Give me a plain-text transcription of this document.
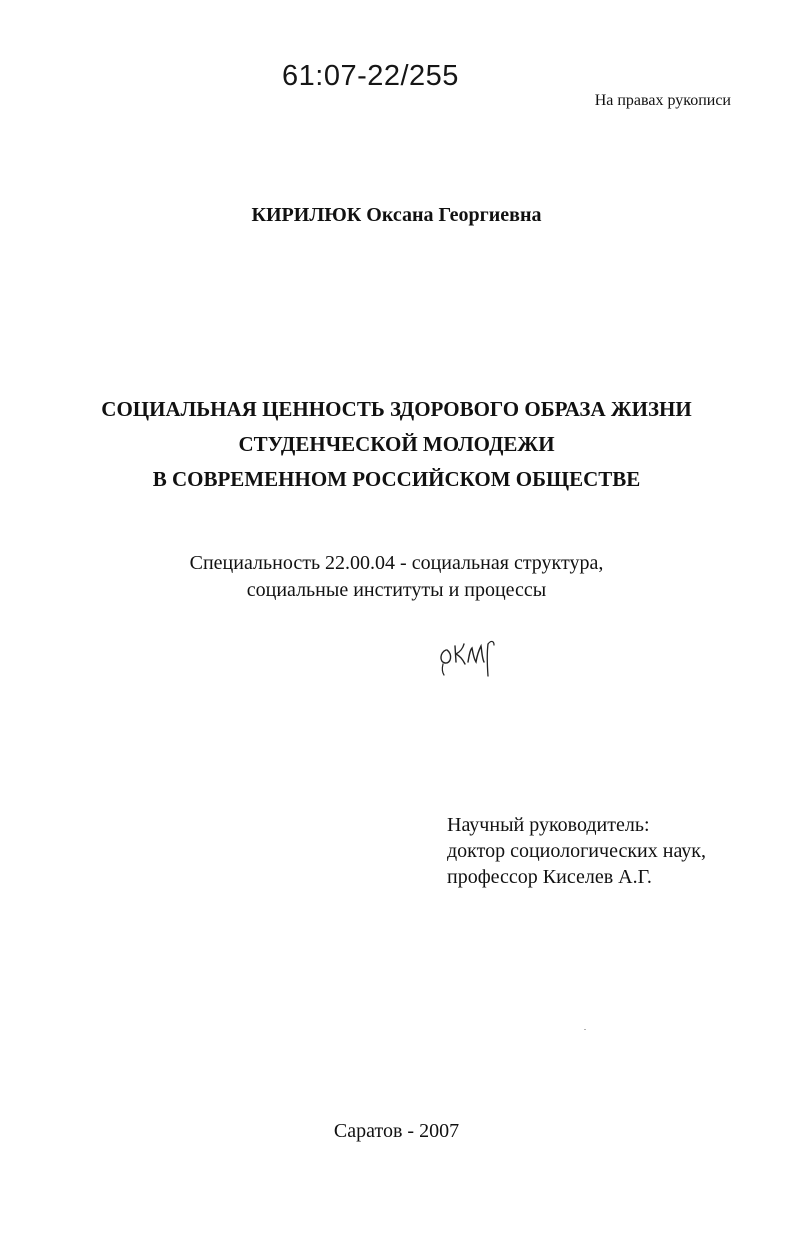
61:07-22/255
На правах рукописи
КИРИЛЮК Оксана Георгиевна
СОЦИАЛЬНАЯ ЦЕННОСТЬ ЗДОРОВОГО ОБРАЗА ЖИЗНИ
СТУДЕНЧЕСКОЙ МОЛОДЕЖИ
В СОВРЕМЕННОМ РОССИЙСКОМ ОБЩЕСТВЕ
Специальность 22.00.04 - социальная структура,
социальные институты и процессы
Научный руководитель:
доктор социологических наук,
профессор Киселев А.Г.
Саратов - 2007
